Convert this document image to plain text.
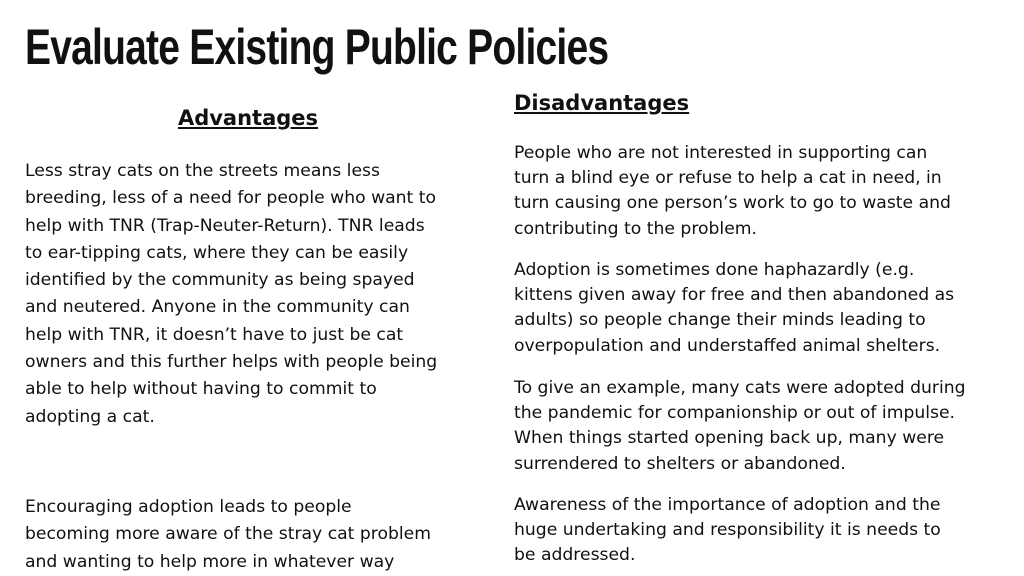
Evaluate Existing Public Policies
Advantages
Less stray cats on the streets means less
breeding, less of a need for people who want to
help with TNR (Trap-Neuter-Return). TNR leads
to ear-tipping cats, where they can be easily
identified by the community as being spayed
and neutered. Anyone in the community can
help with TNR, it doesn’t have to just be cat
owners and this further helps with people being
able to help without having to commit to
adopting a cat.
Encouraging adoption leads to people
becoming more aware of the stray cat problem
and wanting to help more in whatever way
Disadvantages
People who are not interested in supporting can
turn a blind eye or refuse to help a cat in need, in
turn causing one person’s work to go to waste and
contributing to the problem.
Adoption is sometimes done haphazardly (e.g.
kittens given away for free and then abandoned as
adults) so people change their minds leading to
overpopulation and understaffed animal shelters.
To give an example, many cats were adopted during
the pandemic for companionship or out of impulse.
When things started opening back up, many were
surrendered to shelters or abandoned.
Awareness of the importance of adoption and the
huge undertaking and responsibility it is needs to
be addressed.
